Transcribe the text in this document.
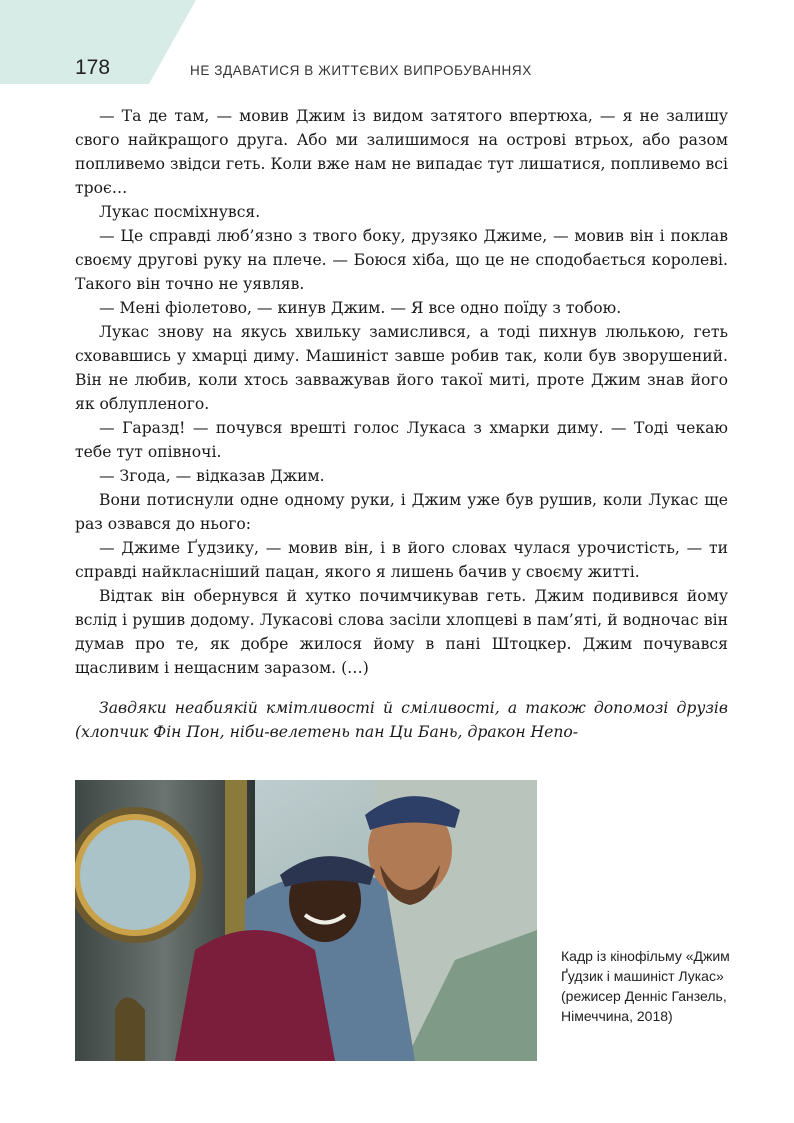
178	НЕ ЗДАВАТИСЯ В ЖИТТЄВИХ ВИПРОБУВАННЯХ

— Та де там, — мовив Джим із видом затятого впертюха, — я не залишу свого найкращого друга. Або ми залишимося на острові втрьох, або разом попливемо звідси геть. Коли вже нам не випадає тут лишатися, попливемо всі троє…

Лукас посміхнувся.

— Це справді люб’язно з твого боку, друзяко Джиме, — мовив він і поклав своєму другові руку на плече. — Боюся хіба, що це не сподобається королеві. Такого він точно не уявляв.

— Мені фіолетово, — кинув Джим. — Я все одно поїду з тобою.

Лукас знову на якусь хвильку замислився, а тоді пихнув люлькою, геть сховавшись у хмарці диму. Машиніст завше робив так, коли був зворушений. Він не любив, коли хтось завважував його такої миті, проте Джим знав його як облупленого.

— Гаразд! — почувся врешті голос Лукаса з хмарки диму. — Тоді чекаю тебе тут опівночі.

— Згода, — відказав Джим.

Вони потиснули одне одному руки, і Джим уже був рушив, коли Лукас ще раз озвався до нього:

— Джиме Ґудзику, — мовив він, і в його словах чулася урочистість, — ти справді найкласніший пацан, якого я лишень бачив у своєму житті.

Відтак він обернувся й хутко почимчикував геть. Джим подивився йому вслід і рушив додому. Лукасові слова засіли хлопцеві в пам’яті, й водночас він думав про те, як добре жилося йому в пані Штоцкер. Джим почувався щасливим і нещасним заразом. (…)

Завдяки неабиякій кмітливості й сміливості, а також допомозі друзів (хлопчик Фін Пон, ніби-велетень пан Ци Бань, дракон Непо-

Кадр із кінофільму «Джим Ґудзик і машиніст Лукас» (режисер Денніс Ганзель, Німеччина, 2018)
